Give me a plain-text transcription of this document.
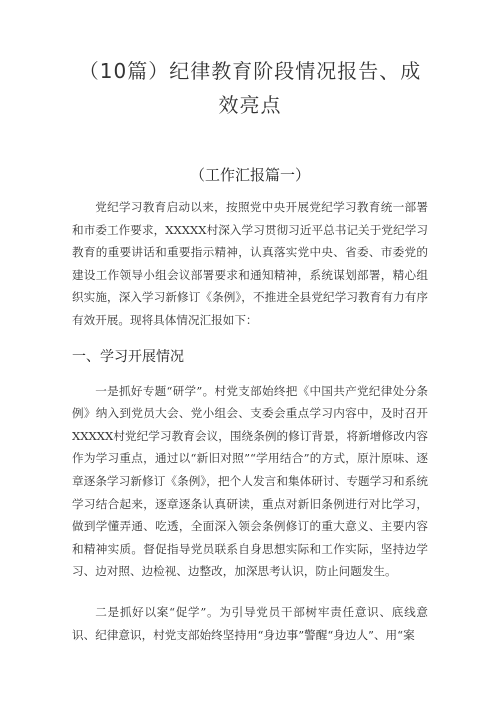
（10篇）纪律教育阶段情况报告、成效亮点
（工作汇报篇一）

党纪学习教育启动以来，按照党中央开展党纪学习教育统一部署和市委工作要求，XXXXX村深入学习贯彻习近平总书记关于党纪学习教育的重要讲话和重要指示精神，认真落实党中央、省委、市委党的建设工作领导小组会议部署要求和通知精神，系统谋划部署，精心组织实施，深入学习新修订《条例》，不推进全县党纪学习教育有力有序有效开展。现将具体情况汇报如下：

一、学习开展情况

一是抓好专题“研学”。村党支部始终把《中国共产党纪律处分条例》纳入到党员大会、党小组会、支委会重点学习内容中，及时召开XXXXX村党纪学习教育会议，围绕条例的修订背景，将新增修改内容作为学习重点，通过以“新旧对照”“学用结合”的方式，原汁原味、逐章逐条学习新修订《条例》，把个人发言和集体研讨、专题学习和系统学习结合起来，逐章逐条认真研读，重点对新旧条例进行对比学习，做到学懂弄通、吃透，全面深入领会条例修订的重大意义、主要内容和精神实质。督促指导党员联系自身思想实际和工作实际，坚持边学习、边对照、边检视、边整改，加深思考认识，防止问题发生。

二是抓好以案“促学”。为引导党员干部树牢责任意识、底线意识、纪律意识，村党支部始终坚持用“身边事”警醒“身边人”、用“案
